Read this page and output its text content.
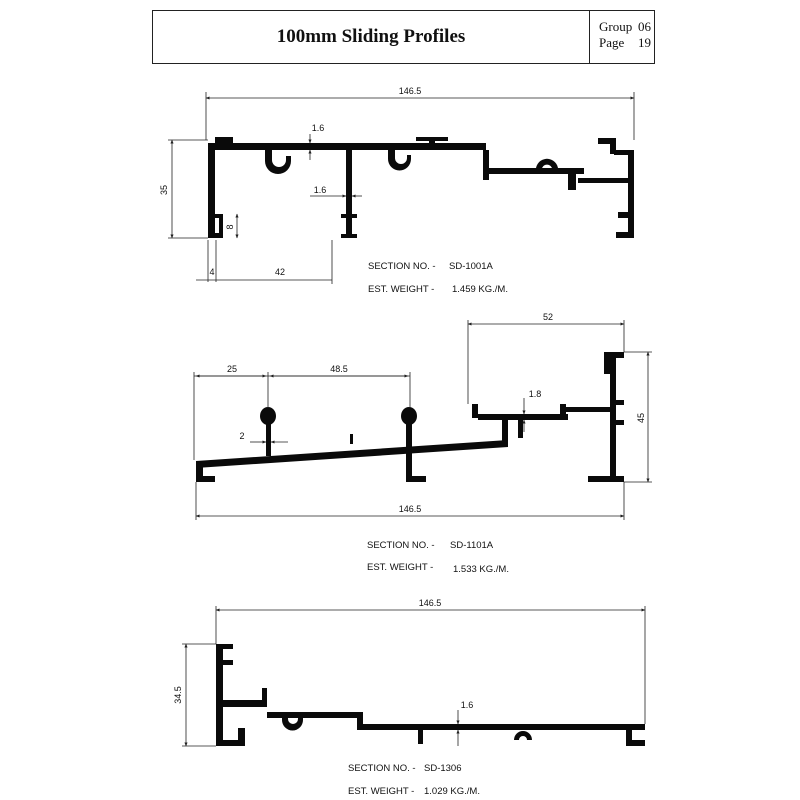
100mm Sliding Profiles	Group 06
Page	19
146.5
35
1.6
1.6
8
4	42	SECTION NO. - SD-1001A
EST. WEIGHT - 1.459 KG./M.
52
25	48.5
45
1.8
2
146.5
SECTION NO. - SD-1101A
EST. WEIGHT - 1.533 KG./M.
146.5
34.5
1.6
SECTION NO. - SD-1306
EST. WEIGHT - 1.029 KG./M.
